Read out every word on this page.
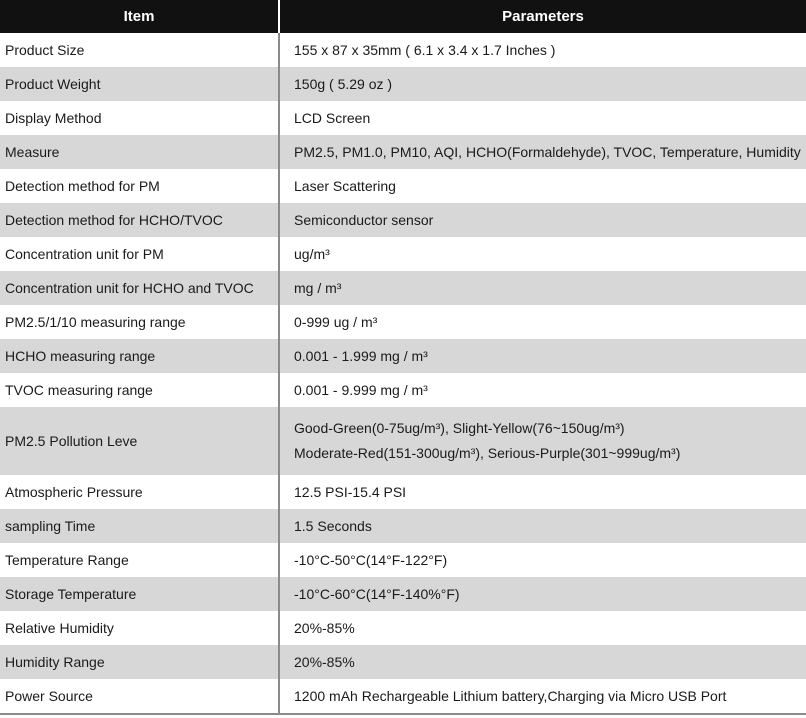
Item	Parameters
Product Size	155 x 87 x 35mm ( 6.1 x 3.4 x 1.7 Inches )
Product Weight	150g ( 5.29 oz )
Display Method	LCD Screen
Measure	PM2.5, PM1.0, PM10, AQI, HCHO(Formaldehyde), TVOC, Temperature, Humidity
Detection method for PM	Laser Scattering
Detection method for HCHO/TVOC	Semiconductor sensor
Concentration unit for PM	ug/m³
Concentration unit for HCHO and TVOC	mg / m³
PM2.5/1/10 measuring range	0-999 ug / m³
HCHO measuring range	0.001 - 1.999 mg / m³
TVOC measuring range	0.001 - 9.999 mg / m³
PM2.5 Pollution Leve	Good-Green(0-75ug/m³), Slight-Yellow(76~150ug/m³)
Moderate-Red(151-300ug/m³), Serious-Purple(301~999ug/m³)

Atmospheric Pressure	12.5 PSI-15.4 PSI
sampling Time	1.5 Seconds
Temperature Range	-10°C-50°C(14°F-122°F)
Storage Temperature	-10°C-60°C(14°F-140%°F)
Relative Humidity	20%-85%
Humidity Range	20%-85%
Power Source	1200 mAh Rechargeable Lithium battery,Charging via Micro USB Port
